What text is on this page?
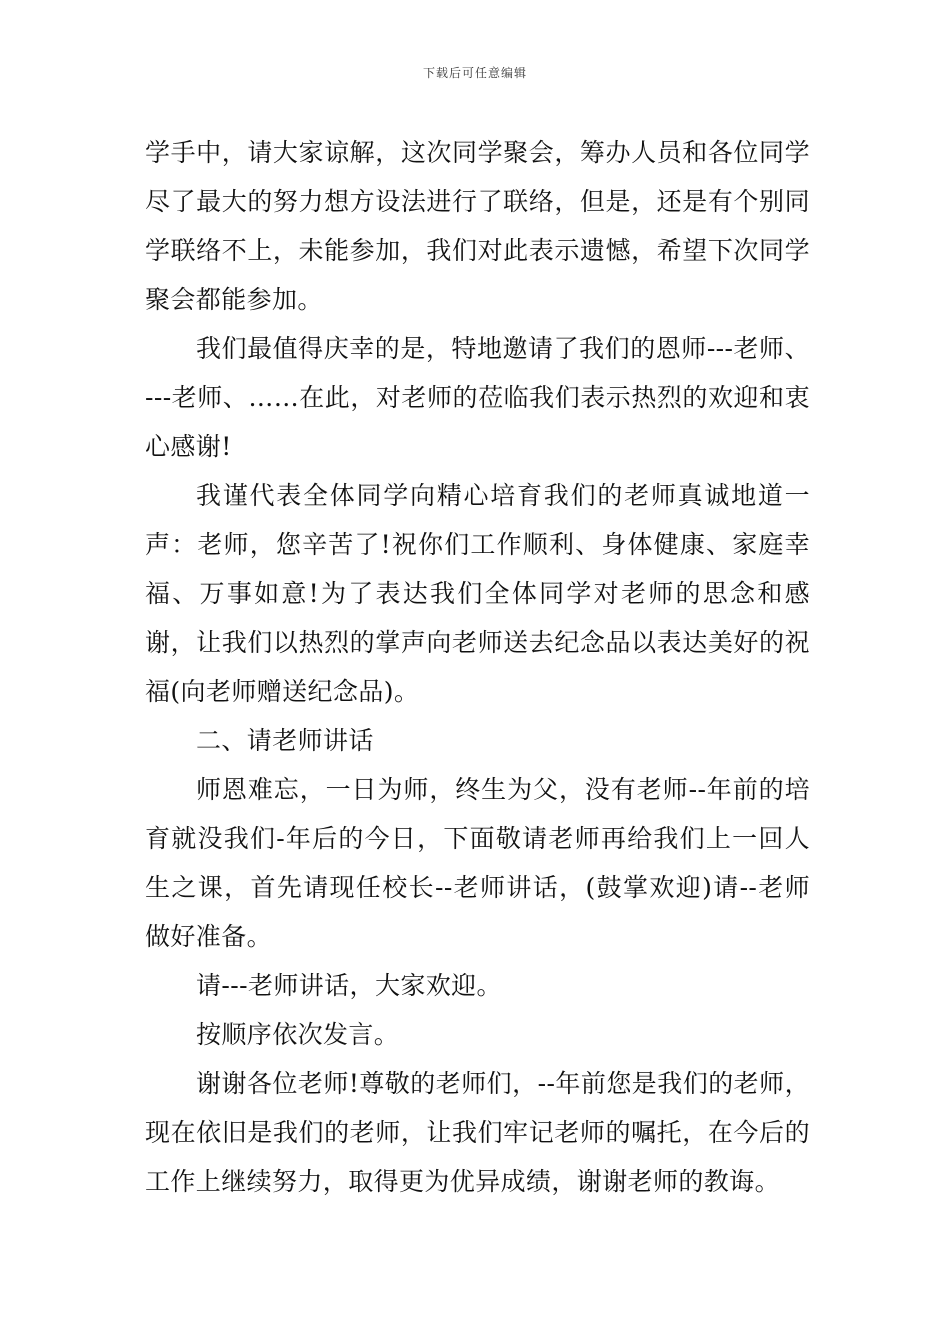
下载后可任意编辑

学手中，请大家谅解，这次同学聚会，筹办人员和各位同学尽了最大的努力想方设法进行了联络，但是，还是有个别同学联络不上，未能参加，我们对此表示遗憾，希望下次同学聚会都能参加。

我们最值得庆幸的是，特地邀请了我们的恩师---老师、---老师、……在此，对老师的莅临我们表示热烈的欢迎和衷心感谢!

我谨代表全体同学向精心培育我们的老师真诚地道一声：老师，您辛苦了!祝你们工作顺利、身体健康、家庭幸福、万事如意!为了表达我们全体同学对老师的思念和感谢，让我们以热烈的掌声向老师送去纪念品以表达美好的祝福(向老师赠送纪念品)。

二、请老师讲话

师恩难忘，一日为师，终生为父，没有老师--年前的培育就没我们-年后的今日，下面敬请老师再给我们上一回人生之课，首先请现任校长--老师讲话，(鼓掌欢迎)请--老师做好准备。

请---老师讲话，大家欢迎。

按顺序依次发言。

谢谢各位老师!尊敬的老师们，--年前您是我们的老师，现在依旧是我们的老师，让我们牢记老师的嘱托，在今后的工作上继续努力，取得更为优异成绩，谢谢老师的教诲。
